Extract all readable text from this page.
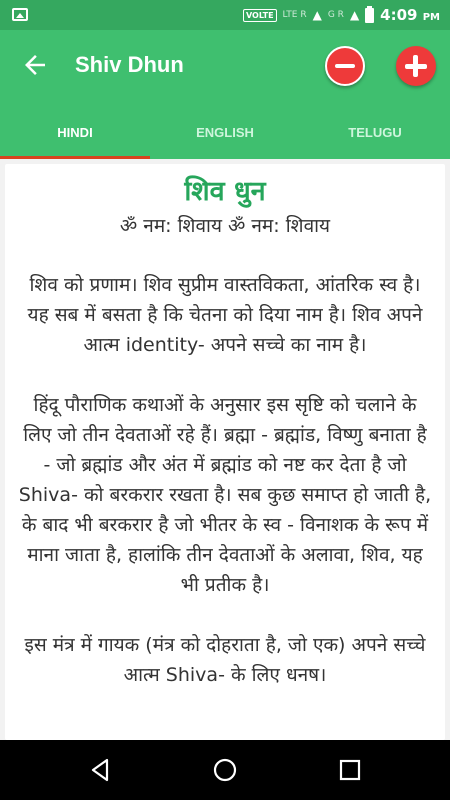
VOLTE	LTE R ▲ G R ▲ 4:09 PM
Shiv Dhun
HINDI	ENGLISH	TELUGU
शिव धुन
ॐ नम: शिवाय ॐ नम: शिवाय

शिव को प्रणाम। शिव सुप्रीम वास्तविकता, आंतरिक स्व है। यह सब में बसता है कि चेतना को दिया नाम है। शिव अपने आत्म identity- अपने सच्चे का नाम है।

हिंदू पौराणिक कथाओं के अनुसार इस सृष्टि को चलाने के लिए जो तीन देवताओं रहे हैं। ब्रह्मा - ब्रह्मांड, विष्णु बनाता है - जो ब्रह्मांड और अंत में ब्रह्मांड को नष्ट कर देता है जो Shiva- को बरकरार रखता है। सब कुछ समाप्त हो जाती है, के बाद भी बरकरार है जो भीतर के स्व - विनाशक के रूप में माना जाता है, हालांकि तीन देवताओं के अलावा, शिव, यह भी प्रतीक है।

इस मंत्र में गायक (मंत्र को दोहराता है, जो एक) अपने सच्चे आत्म Shiva- के लिए धनष।
